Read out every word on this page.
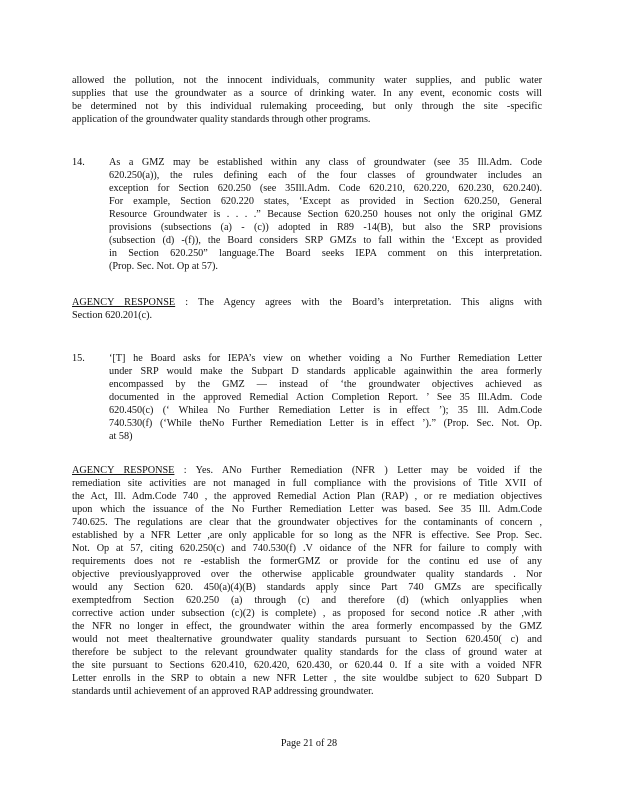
allowed the pollution, not the innocent individuals, community water supplies, and public water
supplies that use the groundwater as a source of drinking water. In any event, economic costs will
be determined not by this individual rulemaking proceeding, but only through the site -specific
application of the groundwater quality standards through other programs.
14. As a GMZ may be established within any class of groundwater (see 35 Ill.Adm. Code
620.250(a)), the rules defining each of the four classes of groundwater includes an
exception for Section 620.250 (see 35Ill.Adm. Code 620.210, 620.220, 620.230, 620.240).
For example, Section 620.220 states, ‘Except as provided in Section 620.250, General
Resource Groundwater is . . . .” Because Section 620.250 houses not only the original GMZ
provisions (subsections (a) - (c)) adopted in R89 -14(B), but also the SRP provisions
(subsection (d) -(f)), the Board considers SRP GMZs to fall within the ‘Except as provided
in Section 620.250” language.The Board seeks IEPA comment on this interpretation.
(Prop. Sec. Not. Op at 57).
AGENCY RESPONSE : The Agency agrees with the Board’s interpretation. This aligns with
Section 620.201(c).
15. ‘[T] he Board asks for IEPA’s view on whether voiding a No Further Remediation Letter
under SRP would make the Subpart D standards applicable againwithin the area formerly
encompassed by the GMZ — instead of ‘the groundwater objectives achieved as
documented in the approved Remedial Action Completion Report. ’ See 35 Ill.Adm. Code
620.450(c) (‘ Whilea No Further Remediation Letter is in effect ’); 35 Ill. Adm.Code
740.530(f) (‘While theNo Further Remediation Letter is in effect ’).” (Prop. Sec. Not. Op.
at 58)
AGENCY RESPONSE : Yes. ANo Further Remediation (NFR ) Letter may be voided if the
remediation site activities are not managed in full compliance with the provisions of Title XVII of
the Act, Ill. Adm.Code 740 , the approved Remedial Action Plan (RAP) , or re mediation objectives
upon which the issuance of the No Further Remediation Letter was based. See 35 Ill. Adm.Code
740.625. The regulations are clear that the groundwater objectives for the contaminants of concern ,
established by a NFR Letter ,are only applicable for so long as the NFR is effective. See Prop. Sec.
Not. Op at 57, citing 620.250(c) and 740.530(f) .V oidance of the NFR for failure to comply with
requirements does not re -establish the formerGMZ or provide for the continu ed use of any
objective previouslyapproved over the otherwise applicable groundwater quality standards . Nor
would any Section 620. 450(a)(4)(B) standards apply since Part 740 GMZs are specifically
exemptedfrom Section 620.250 (a) through (c) and therefore (d) (which onlyapplies when
corrective action under subsection (c)(2) is complete) , as proposed for second notice .R ather ,with
the NFR no longer in effect, the groundwater within the area formerly encompassed by the GMZ
would not meet thealternative groundwater quality standards pursuant to Section 620.450( c) and
therefore be subject to the relevant groundwater quality standards for the class of ground water at
the site pursuant to Sections 620.410, 620.420, 620.430, or 620.44 0. If a site with a voided NFR
Letter enrolls in the SRP to obtain a new NFR Letter , the site wouldbe subject to 620 Subpart D
standards until achievement of an approved RAP addressing groundwater.
Page 21 of 28
